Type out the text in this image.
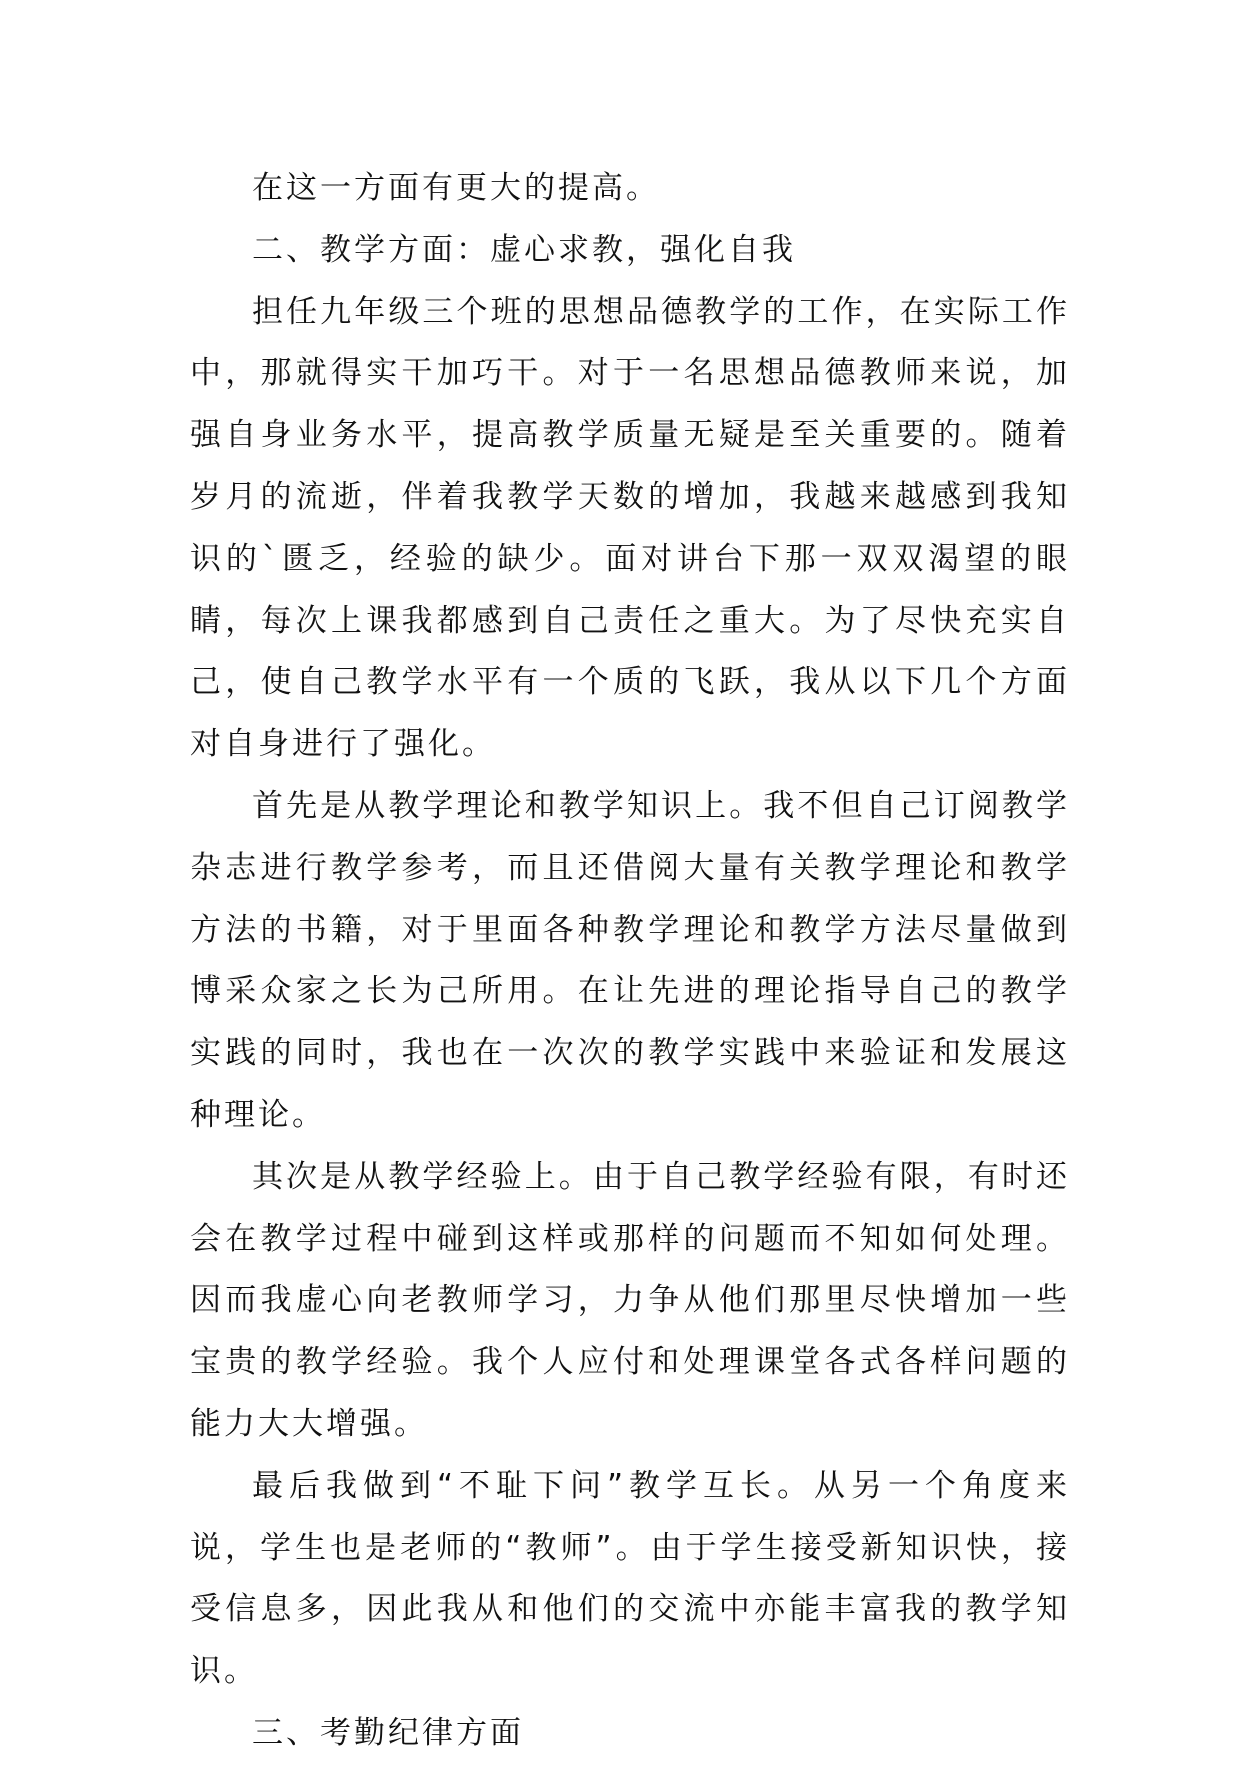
在这一方面有更大的提高。

二、教学方面：虚心求教，强化自我

担任九年级三个班的思想品德教学的工作，在实际工作中，那就得实干加巧干。对于一名思想品德教师来说，加强自身业务水平，提高教学质量无疑是至关重要的。随着岁月的流逝，伴着我教学天数的增加，我越来越感到我知识的`匮乏，经验的缺少。面对讲台下那一双双渴望的眼睛，每次上课我都感到自己责任之重大。为了尽快充实自己，使自己教学水平有一个质的飞跃，我从以下几个方面对自身进行了强化。

首先是从教学理论和教学知识上。我不但自己订阅教学杂志进行教学参考，而且还借阅大量有关教学理论和教学方法的书籍，对于里面各种教学理论和教学方法尽量做到博采众家之长为己所用。在让先进的理论指导自己的教学实践的同时，我也在一次次的教学实践中来验证和发展这种理论。

其次是从教学经验上。由于自己教学经验有限，有时还会在教学过程中碰到这样或那样的问题而不知如何处理。因而我虚心向老教师学习，力争从他们那里尽快增加一些宝贵的教学经验。我个人应付和处理课堂各式各样问题的能力大大增强。

最后我做到“不耻下问”教学互长。从另一个角度来说，学生也是老师的“教师”。由于学生接受新知识快，接受信息多，因此我从和他们的交流中亦能丰富我的教学知识。

三、考勤纪律方面
